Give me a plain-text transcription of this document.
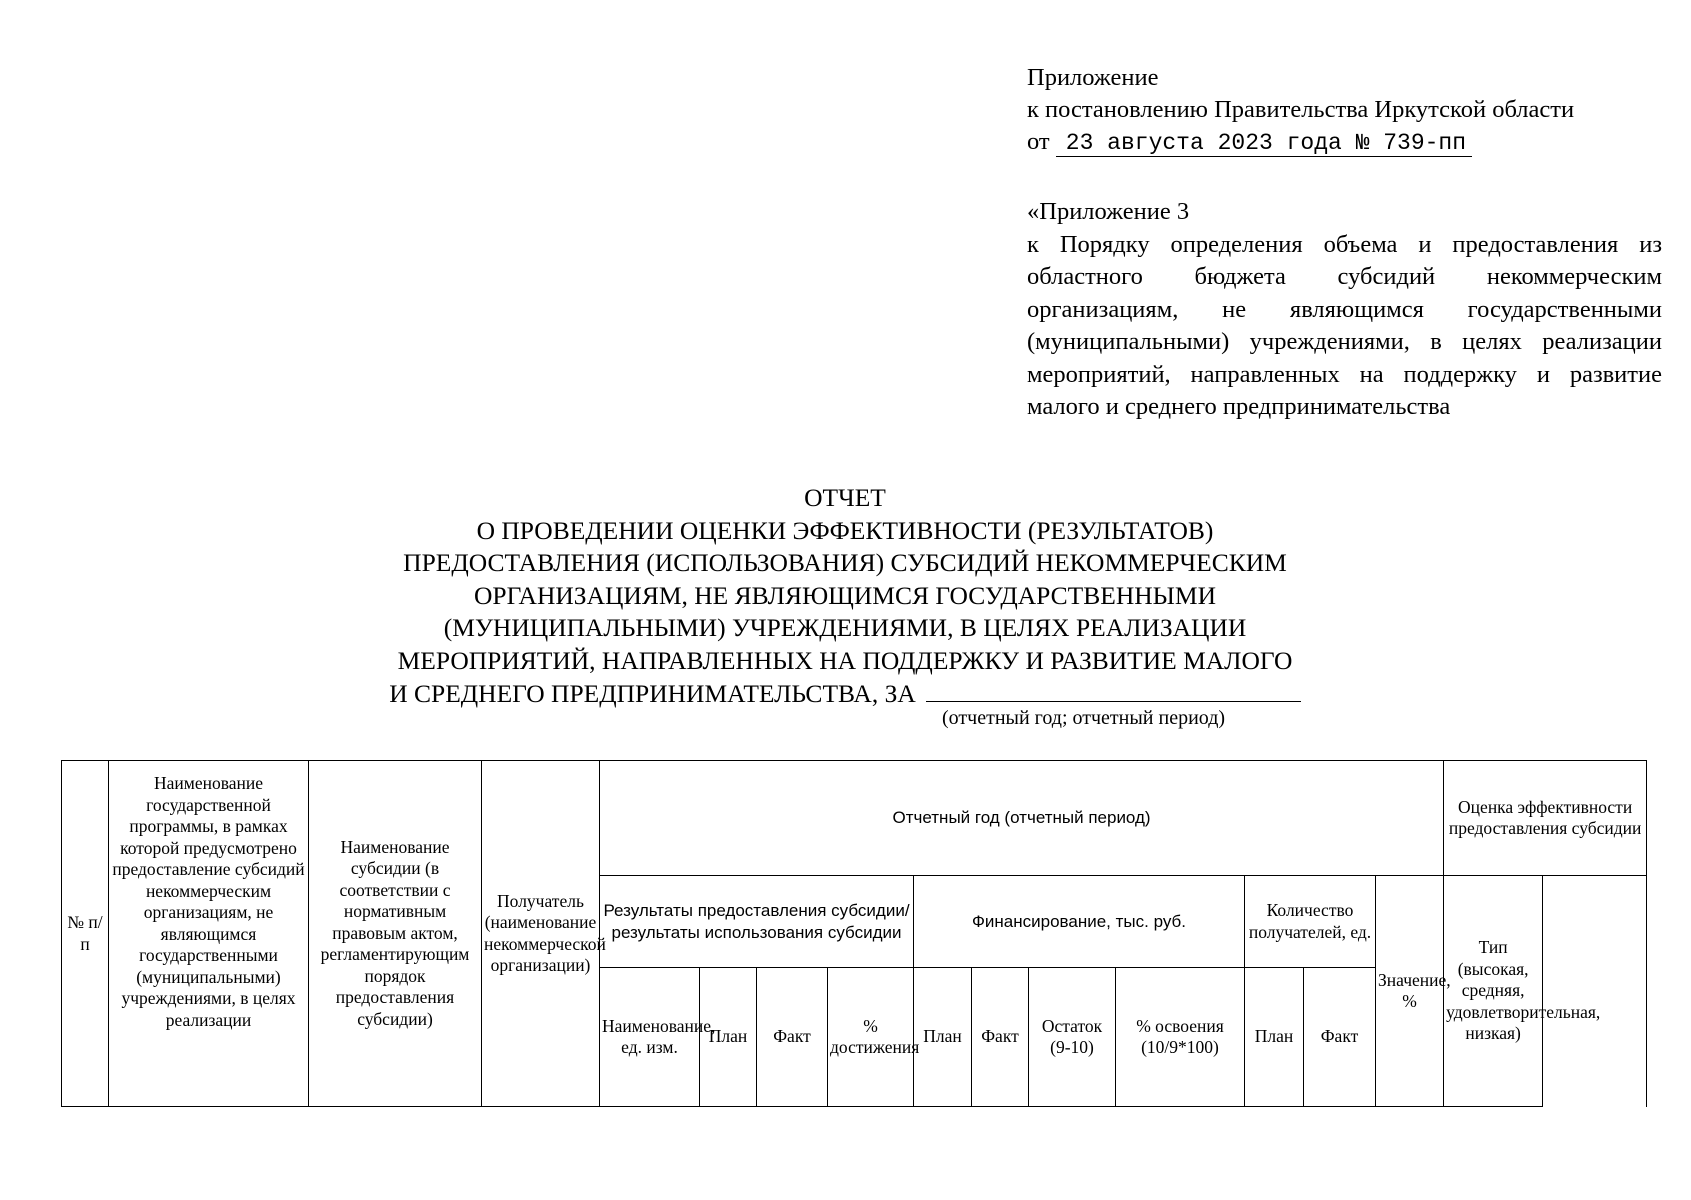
Приложение
к постановлению Правительства Иркутской области
от 23 августа 2023 года № 739-пп
«Приложение 3
к Порядку определения объема и предоставления из областного бюджета субсидий некоммерческим организациям, не являющимся государственными (муниципальными) учреждениями, в целях реализации мероприятий, направленных на поддержку и развитие малого и среднего предпринимательства
ОТЧЕТ
О ПРОВЕДЕНИИ ОЦЕНКИ ЭФФЕКТИВНОСТИ (РЕЗУЛЬТАТОВ)
ПРЕДОСТАВЛЕНИЯ (ИСПОЛЬЗОВАНИЯ) СУБСИДИЙ НЕКОММЕРЧЕСКИМ
ОРГАНИЗАЦИЯМ, НЕ ЯВЛЯЮЩИМСЯ ГОСУДАРСТВЕННЫМИ
(МУНИЦИПАЛЬНЫМИ) УЧРЕЖДЕНИЯМИ, В ЦЕЛЯХ РЕАЛИЗАЦИИ
МЕРОПРИЯТИЙ, НАПРАВЛЕННЫХ НА ПОДДЕРЖКУ И РАЗВИТИЕ МАЛОГО
И СРЕДНЕГО ПРЕДПРИНИМАТЕЛЬСТВА, ЗА
(отчетный год; отчетный период)
№ п/п	Наименование государственной программы, в рамках которой предусмотрено предоставление субсидий некоммерческим организациям, не являющимся государственными (муниципальными) учреждениями, в целях реализации	Наименование субсидии (в соответствии с нормативным правовым актом, регламентирующим порядок предоставления субсидии)	Получатель (наименование некоммерческой организации)	Отчетный год (отчетный период)											Оценка эффективности предоставления субсидии	
				Результаты предоставления субсидии/результаты использования субсидии				Финансирование, тыс. руб.				Количество получателей, ед.		Значение, %	Тип (высокая, средняя, удовлетворительная, низкая)	
				Наименование, ед. изм.	План	Факт	% достижения	План	Факт	Остаток (9-10)	% освоения (10/9*100)	План	Факт			
